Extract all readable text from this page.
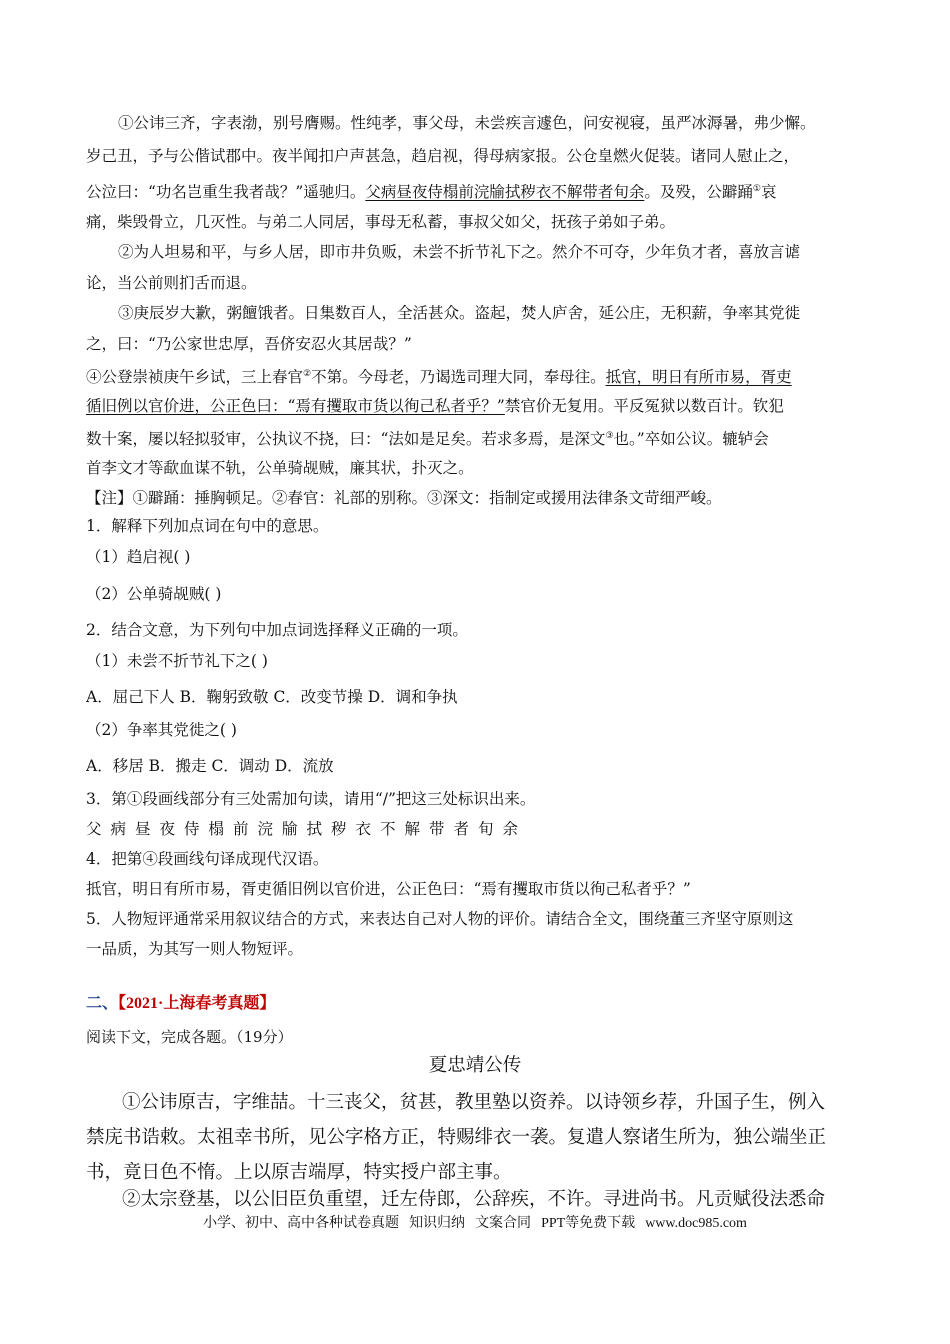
①公讳三齐，字表渤，别号膺赐。性纯孝，事父母，未尝疾言遽色，问安视寝，虽严冰溽暑，弗少懈。
岁己丑，予与公偕试郡中。夜半闻扣户声甚急，趋启视，得母病家报。公仓皇燃火促装。诸同人慰止之，
公泣曰：“功名岂重生我者哉？”遥驰归。父病昼夜侍榻前浣牏拭秽衣不解带者旬余。及殁，公躃踊①哀
痛，柴毁骨立，几灭性。与弟二人同居，事母无私蓄，事叔父如父，抚孩子弟如子弟。
②为人坦易和平，与乡人居，即市井负贩，未尝不折节礼下之。然介不可夺，少年负才者，喜放言谑
论，当公前则扪舌而退。
③庚辰岁大歉，粥饘饿者。日集数百人，全活甚众。盗起，焚人庐舍，延公庄，无积薪，争率其党徙
之，曰：“乃公家世忠厚，吾侪安忍火其居哉？”
④公登崇祯庚午乡试，三上春官②不第。今母老，乃谒选司理大同，奉母往。抵官，明日有所市易，胥吏
循旧例以官价进，公正色曰：“焉有攫取市货以徇己私者乎？”禁官价无复用。平反冤狱以数百计。钦犯
数十案，屡以轻拟驳审，公执议不挠，曰：“法如是足矣。若求多焉，是深文③也。”卒如公议。辘轳会
首李文才等歃血谋不轨，公单骑觇贼，廉其状，扑灭之。
【注】①躃踊：捶胸顿足。②春官：礼部的别称。③深文：指制定或援用法律条文苛细严峻。
1．解释下列加点词在句中的意思。
（1）趋启视( )
（2）公单骑觇贼( )
2．结合文意，为下列句中加点词选择释义正确的一项。
（1）未尝不折节礼下之( )
A．屈己下人 B．鞠躬致敬 C．改变节操 D．调和争执
（2）争率其党徙之( )
A．移居 B．搬走 C．调动 D．流放
3．第①段画线部分有三处需加句读，请用“/”把这三处标识出来。
父病昼夜侍榻前浣牏拭秽衣不解带者旬余
4．把第④段画线句译成现代汉语。
抵官，明日有所市易，胥吏循旧例以官价进，公正色曰：“焉有攫取市货以徇己私者乎？”
5．人物短评通常采用叙议结合的方式，来表达自己对人物的评价。请结合全文，围绕董三齐坚守原则这
一品质，为其写一则人物短评。
二、【2021·上海春考真题】
阅读下文，完成各题。（19分）
夏忠靖公传
①公讳原吉，字维喆。十三丧父，贫甚，教里塾以资养。以诗领乡荐，升国子生，例入
禁庑书诰敕。太祖幸书所，见公字格方正，特赐绯衣一袭。复遣人察诸生所为，独公端坐正
书，竟日色不惰。上以原吉端厚，特实授户部主事。
②太宗登基，以公旧臣负重望，迁左侍郎，公辞疾，不许。寻进尚书。凡贡赋役法悉命
小学、初中、高中各种试卷真题 知识归纳 文案合同 PPT等免费下载 www.doc985.com
